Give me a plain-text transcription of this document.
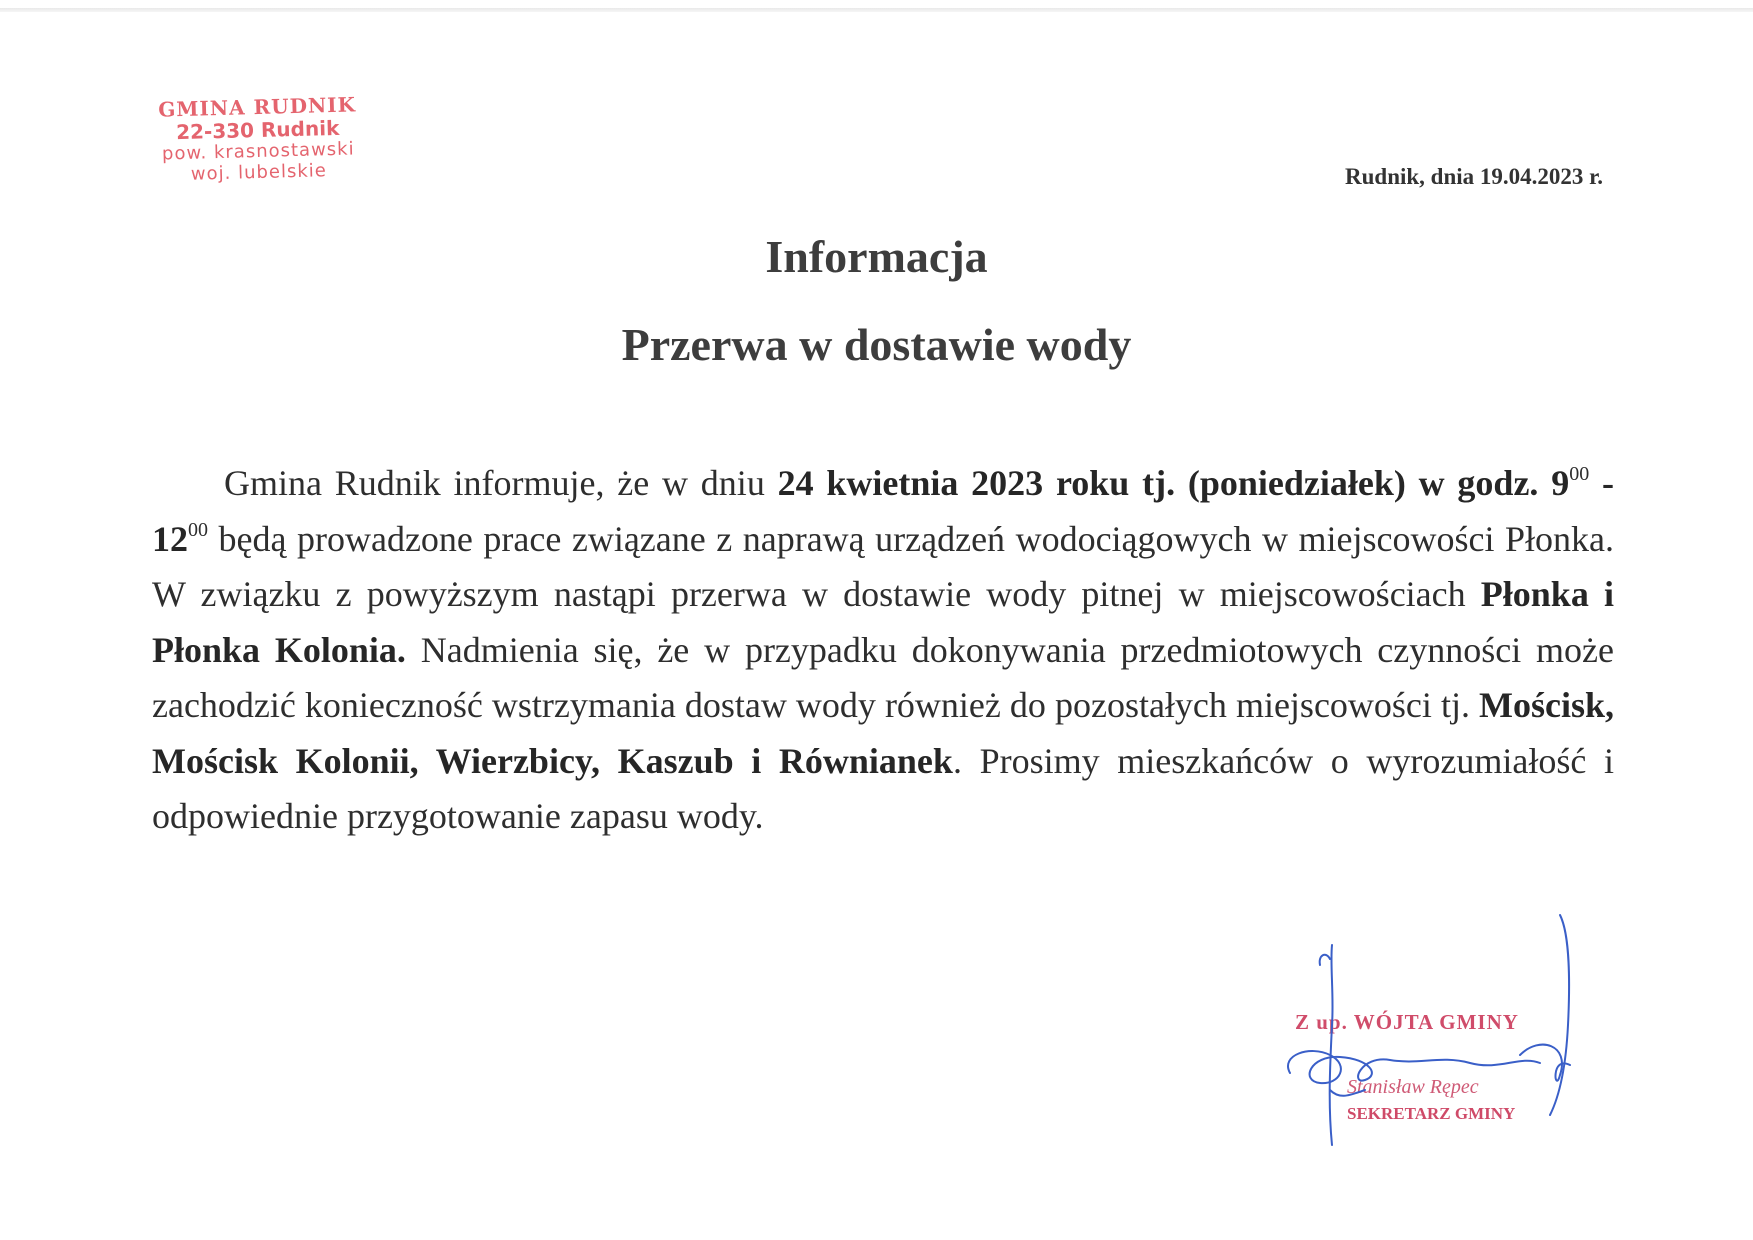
GMINA RUDNIK
22-330 Rudnik
pow. krasnostawski
woj. lubelskie	Rudnik, dnia 19.04.2023 r.
Informacja
Przerwa w dostawie wody

Gmina Rudnik informuje, że w dniu 24 kwietnia 2023 roku tj. (poniedziałek) w godz. $9^{00} - 12^{00}$ będą prowadzone prace związane z naprawą urządzeń wodociągowych w miejscowości Płonka. W związku z powyższym nastąpi przerwa w dostawie wody pitnej w miejscowościach Płonka i Płonka Kolonia. Nadmienia się, że w przypadku dokonywania przedmiotowych czynności może zachodzić konieczność wstrzymania dostaw wody również do pozostałych miejscowości tj. Mościsk, Mościsk Kolonii, Wierzbicy, Kaszub i Równianek. Prosimy mieszkańców o wyrozumiałość i odpowiednie przygotowanie zapasu wody.

Z up. WÓJTA GMINY
Stanisław Rępec
SEKRETARZ GMINY
